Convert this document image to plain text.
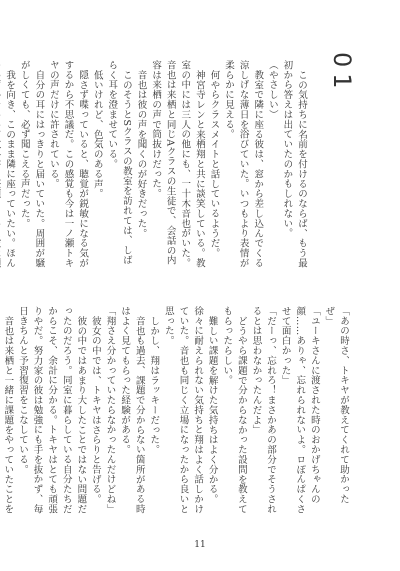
01

この気持ちに名前を付けるのならば、もう最初から答えは出ていたのかもしれない。

（やさしい）

教室で隣に座る彼は、窓から差し込んでくる涼しげな薄日を浴びていた。いつもより表情が柔らかに見える。

何やらクラスメイトと話しているようだ。

神宮寺レンと来栖翔と共に談笑している。教室の中には三人の他にも、一十木音也がいた。音也は来栖と同じAクラスの生徒で、会話の内容は来栖の声で筒抜けだった。

音也は彼の声を聞くのが好きだった。

このそうとSクラスの教室を訪れては、しばらく耳を澄ませている。

低いけれど、色気のある声。

隠さず喋っていると、聴覚が鋭敏になる気がするから不思議だ。この感覚も今は一ノ瀬トキヤの声だけに許されている。

自分の耳にはっきりと届いていた。周囲が騒がしくても、必ず聞こえる声だった。

我を向き、このまま隣に座っていたい。ほん

「あの時さ、トキヤが教えてくれて助かったぜ」

「ユーキさんに渡された時のおかげちゃんの顔……ありゃ、忘れられないよ。ロぽんぱくさせて面白かった」

「だーっ、忘れろ！まさかあの部分でそうされるとは思わなかったんだよ」

どうやら課題で分からなかった設問を教えてもらったらしい。

難しい課題を解けた気持ちはよく分かる。徐々に耐えられない気持ちと翔はよく話しかけていた。音也も同じく立場になったから良いと思った。

しかし、翔はラッキーだった。

音也も過去、課題で分からない箇所がある時はよく見てもらった経験がある。

「翔さえ分かっていたらなかったんだけどね」

彼女の中では、トキヤはさらりと告げる。

彼の中ではあまり大したことではない問題だったのだろう。同室に暮らしている自分たちだからこそ、余計に分かる。トキヤはとても頑張りやだ。努力家の彼は勉強にも手を抜かず、毎日きちんと予習復習をこなしている。

音也は来栖と一緒に課題をやっていたことを

11
